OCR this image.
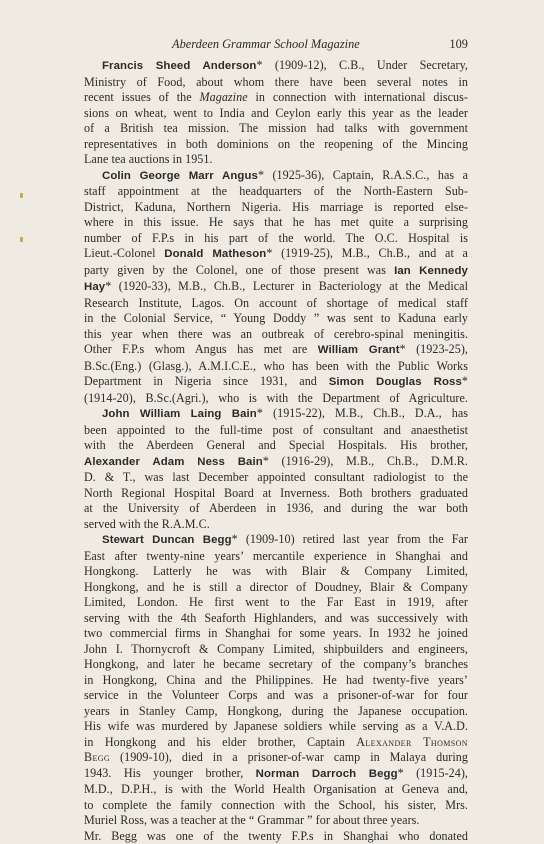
Aberdeen Grammar School Magazine	109
Francis Sheed Anderson* (1909-12), C.B., Under Secretary,
Ministry of Food, about whom there have been several notes in
recent issues of the Magazine in connection with international discus-
sions on wheat, went to India and Ceylon early this year as the leader
of a British tea mission. The mission had talks with government
representatives in both dominions on the reopening of the Mincing
Lane tea auctions in 1951.
Colin George Marr Angus* (1925-36), Captain, R.A.S.C., has a
staff appointment at the headquarters of the North-Eastern Sub-
District, Kaduna, Northern Nigeria. His marriage is reported else-
where in this issue. He says that he has met quite a surprising
number of F.P.s in his part of the world. The O.C. Hospital is
Lieut.-Colonel Donald Matheson* (1919-25), M.B., Ch.B., and at a
party given by the Colonel, one of those present was Ian Kennedy
Hay* (1920-33), M.B., Ch.B., Lecturer in Bacteriology at the Medical
Research Institute, Lagos. On account of shortage of medical staff
in the Colonial Service, “ Young Doddy ” was sent to Kaduna early
this year when there was an outbreak of cerebro-spinal meningitis.
Other F.P.s whom Angus has met are William Grant* (1923-25),
B.Sc.(Eng.) (Glasg.), A.M.I.C.E., who has been with the Public Works
Department in Nigeria since 1931, and Simon Douglas Ross*
(1914-20), B.Sc.(Agri.), who is with the Department of Agriculture.
John William Laing Bain* (1915-22), M.B., Ch.B., D.A., has
been appointed to the full-time post of consultant and anaesthetist
with the Aberdeen General and Special Hospitals. His brother,
Alexander Adam Ness Bain* (1916-29), M.B., Ch.B., D.M.R.
D. & T., was last December appointed consultant radiologist to the
North Regional Hospital Board at Inverness. Both brothers graduated
at the University of Aberdeen in 1936, and during the war both
served with the R.A.M.C.
Stewart Duncan Begg* (1909-10) retired last year from the Far
East after twenty-nine years’ mercantile experience in Shanghai and
Hongkong. Latterly he was with Blair & Company Limited,
Hongkong, and he is still a director of Doudney, Blair & Company
Limited, London. He first went to the Far East in 1919, after
serving with the 4th Seaforth Highlanders, and was successively with
two commercial firms in Shanghai for some years. In 1932 he joined
John I. Thornycroft & Company Limited, shipbuilders and engineers,
Hongkong, and later he became secretary of the company’s branches
in Hongkong, China and the Philippines. He had twenty-five years’
service in the Volunteer Corps and was a prisoner-of-war for four
years in Stanley Camp, Hongkong, during the Japanese occupation.
His wife was murdered by Japanese soldiers while serving as a V.A.D.
in Hongkong and his elder brother, Captain Alexander Thomson
Begg (1909-10), died in a prisoner-of-war camp in Malaya during
1943. His younger brother, Norman Darroch Begg* (1915-24),
M.D., D.P.H., is with the World Health Organisation at Geneva and,
to complete the family connection with the School, his sister, Mrs.
Muriel Ross, was a teacher at the “ Grammar ” for about three years.
Mr. Begg was one of the twenty F.P.s in Shanghai who donated
